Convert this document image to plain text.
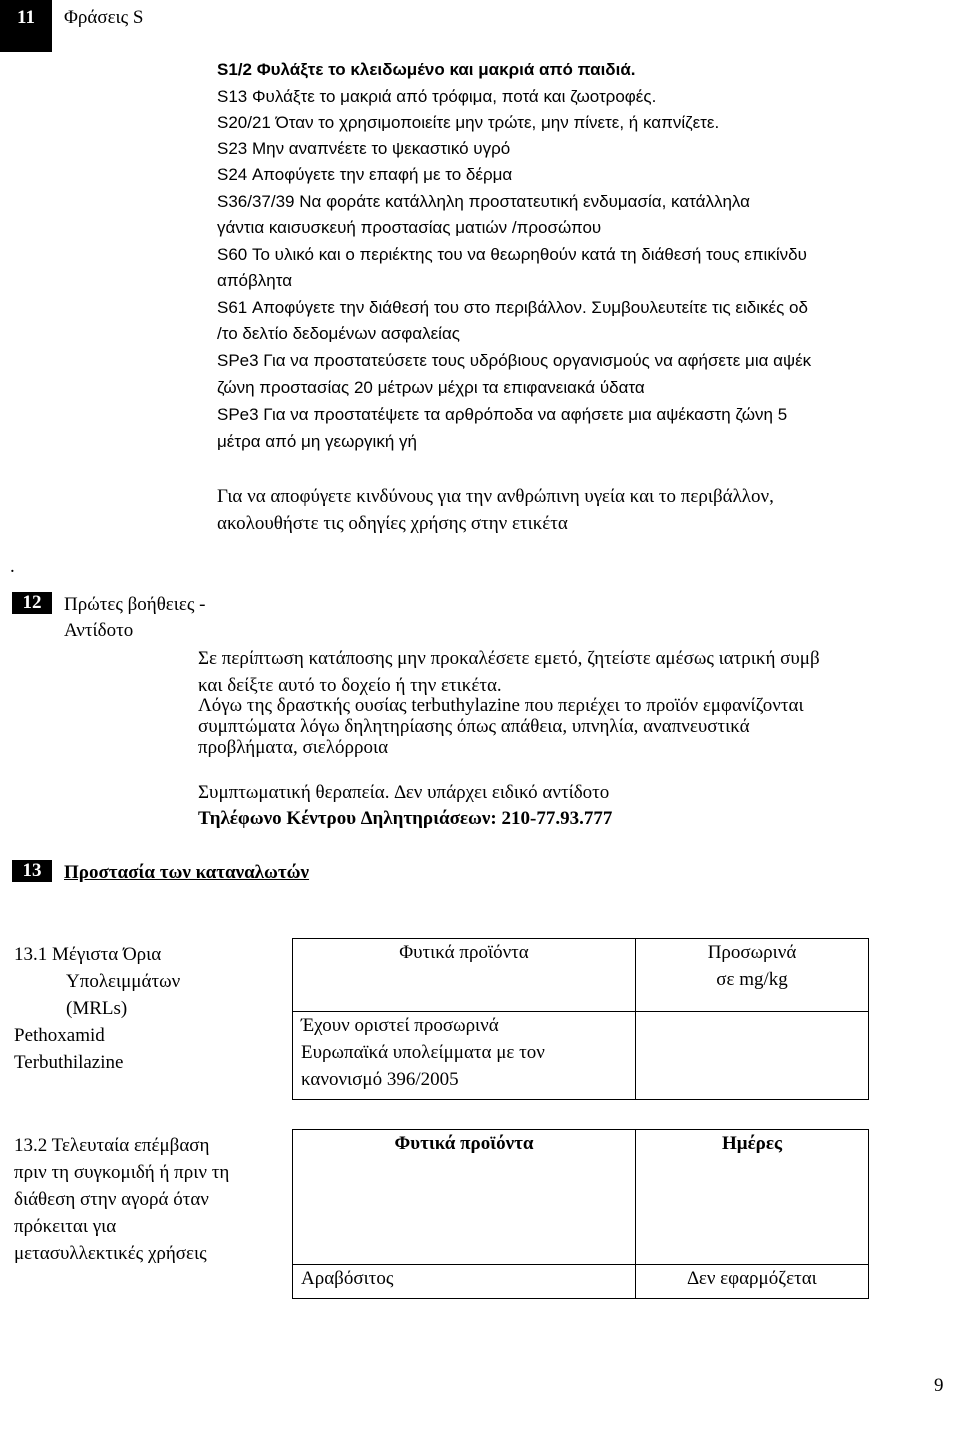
11	Φράσεις S
S1/2 Φυλάξτε το κλειδωμένο και μακριά από παιδιά.
S13 Φυλάξτε το μακριά από τρόφιμα, ποτά και ζωοτροφές.
S20/21 Όταν το χρησιμοποιείτε μην τρώτε, μην πίνετε, ή καπνίζετε.
S23 Μην αναπνέετε το ψεκαστικό υγρό
S24 Αποφύγετε την επαφή με το δέρμα
S36/37/39 Να φοράτε κατάλληλη προστατευτική ενδυμασία, κατάλληλα
γάντια καισυσκευή προστασίας ματιών /προσώπου
S60 Το υλικό και ο περιέκτης του να θεωρηθούν κατά τη διάθεσή τους επικίνδυ
απόβλητα
S61 Αποφύγετε την διάθεσή του στο περιβάλλον. Συμβουλευτείτε τις ειδικές οδ
/το δελτίο δεδομένων ασφαλείας
SPe3 Για να προστατεύσετε τους υδρόβιους οργανισμούς να αφήσετε μια αψέκ
ζώνη προστασίας 20 μέτρων μέχρι τα επιφανειακά ύδατα
SPe3 Για να προστατέψετε τα αρθρόποδα να αφήσετε μια αψέκαστη ζώνη 5
μέτρα από μη γεωργική γή
Για να αποφύγετε κινδύνους για την ανθρώπινη υγεία και το περιβάλλον,
ακολουθήστε τις οδηγίες χρήσης στην ετικέτα
.
12	Πρώτες βοήθειες -
Αντίδοτο
Σε περίπτωση κατάποσης μην προκαλέσετε εμετό, ζητείστε αμέσως ιατρική συμβ
και δείξτε αυτό το δοχείο ή την ετικέτα.
Λόγω της δραστκής ουσίας terbuthylazine που περιέχει το προϊόν εμφανίζονται
συμπτώματα λόγω δηλητηρίασης όπως απάθεια, υπνηλία, αναπνευστικά
προβλήματα, σιελόρροια
Συμπτωματική θεραπεία. ∆εν υπάρχει ειδικό αντίδοτο
Τηλέφωνο Κέντρου ∆ηλητηριάσεων: 210-77.93.777
13	Προστασία των καταναλωτών
13.1 Μέγιστα Όρια
Υπολειμμάτων
(MRLs)
Pethoxamid
Terbuthilazine
Φυτικά προϊόντα	Προσωρινά
σε mg/kg

Έχουν οριστεί προσωρινά
Ευρωπαϊκά υπολείμματα με τον
κανονισμό 396/2005	

13.2 Τελευταία επέμβαση
πριν τη συγκομιδή ή πριν τη
διάθεση στην αγορά όταν
πρόκειται για
μετασυλλεκτικές χρήσεις
Φυτικά προϊόντα	Ημέρες
Αραβόσιτος	∆εν εφαρμόζεται
9
